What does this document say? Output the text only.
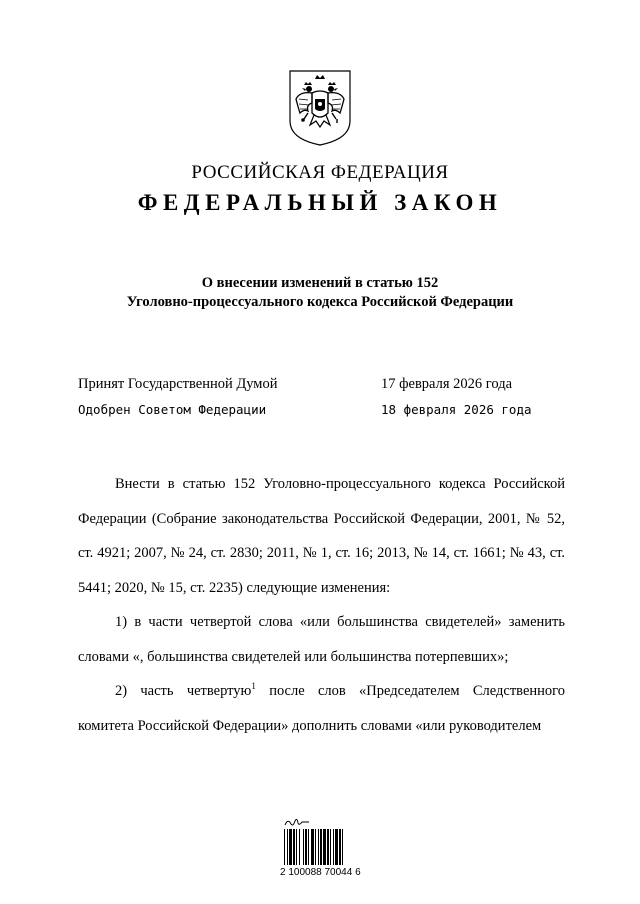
РОССИЙСКАЯ ФЕДЕРАЦИЯ
ФЕДЕРАЛЬНЫЙ ЗАКОН
О внесении изменений в статью 152
Уголовно-процессуального кодекса Российской Федерации
Принят Государственной Думой	17 февраля 2026 года
Одобрен Советом Федерации	18 февраля 2026 года

Внести в статью 152 Уголовно-процессуального кодекса Российской Федерации (Собрание законодательства Российской Федерации, 2001, № 52, ст. 4921; 2007, № 24, ст. 2830; 2011, № 1, ст. 16; 2013, № 14, ст. 1661; № 43, ст. 5441; 2020, № 15, ст. 2235) следующие изменения:

1) в части четвертой слова «или большинства свидетелей» заменить словами «, большинства свидетелей или большинства потерпевших»;

2) часть четвертую$^1$ после слов «Председателем Следственного комитета Российской Федерации» дополнить словами «или руководителем

2 100088 70044 6
